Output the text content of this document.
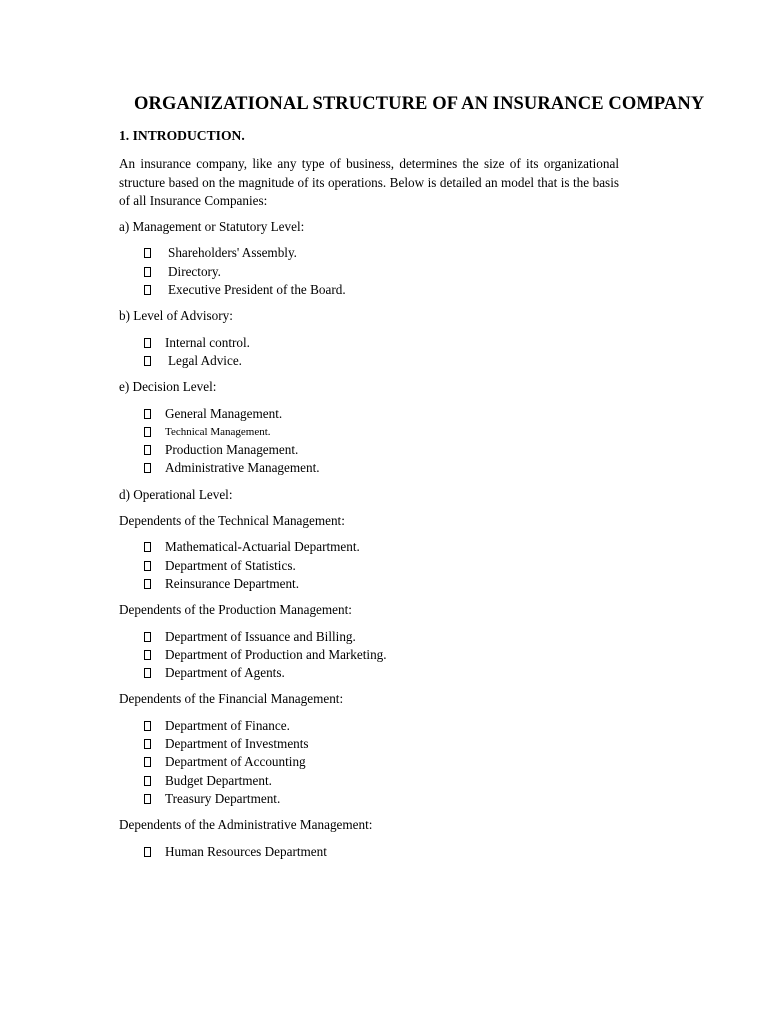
ORGANIZATIONAL STRUCTURE OF AN INSURANCE COMPANY
1. INTRODUCTION.

An insurance company, like any type of business, determines the size of its organizational structure based on the magnitude of its operations. Below is detailed an model that is the basis of all Insurance Companies:

a) Management or Statutory Level:

Shareholders' Assembly.
Directory.
Executive President of the Board.

b) Level of Advisory:

Internal control.
Legal Advice.

e) Decision Level:

General Management.
Technical Management.
Production Management.
Administrative Management.

d) Operational Level:

Dependents of the Technical Management:

Mathematical-Actuarial Department.
Department of Statistics.
Reinsurance Department.

Dependents of the Production Management:

Department of Issuance and Billing.
Department of Production and Marketing.
Department of Agents.

Dependents of the Financial Management:

Department of Finance.
Department of Investments
Department of Accounting
Budget Department.
Treasury Department.

Dependents of the Administrative Management:

Human Resources Department
